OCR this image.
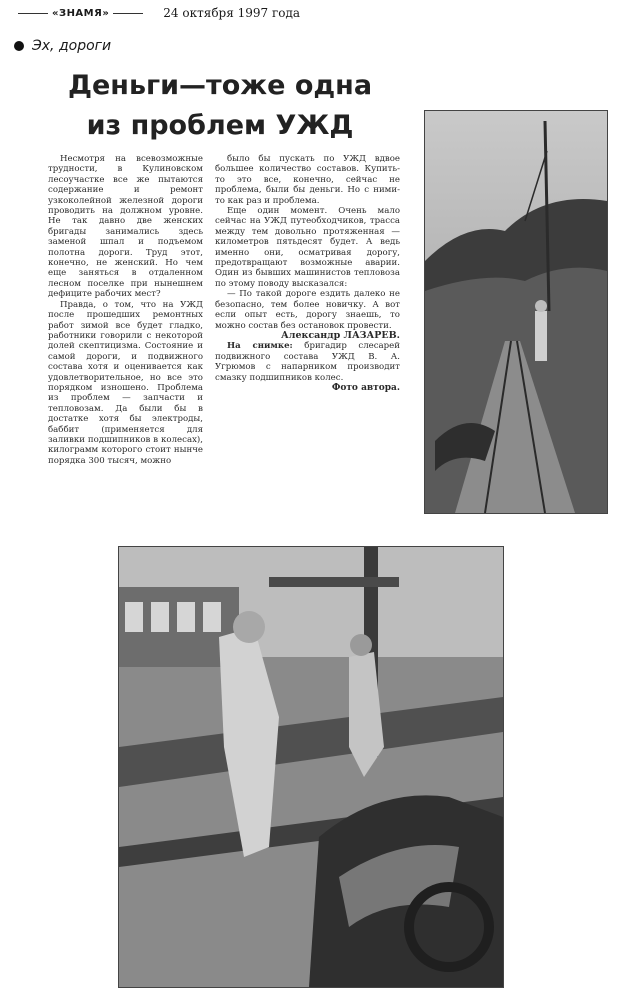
«ЗНАМЯ»	24 октября 1997 года
Эх, дороги
Деньги—тоже одна
из проблем УЖД

Несмотря на всевозможные трудности, в Кулиновском лесоучастке все же пытаются содержание и ремонт узкоколейной железной дороги проводить на должном уровне. Не так давно две женских бригады занимались здесь заменой шпал и подъемом полотна дороги. Труд этот, конечно, не женский. Но чем еще заняться в отдаленном лесном поселке при нынешнем дефиците рабочих мест?

Правда, о том, что на УЖД после прошедших ремонтных работ зимой все будет гладко, работники говорили с некоторой долей скептицизма. Состояние и самой дороги, и подвижного состава хотя и оценивается как удовлетворительное, но все это порядком изношено. Проблема из проблем — запчасти и тепловозам. Да были бы в достатке хотя бы электроды, баббит (применяется для заливки подшипников в колесах), килограмм которого стоит нынче порядка 300 тысяч, можно

было бы пускать по УЖД вдвое большее количество составов. Купить-то это все, конечно, сейчас не проблема, были бы деньги. Но с ними-то как раз и проблема.

Еще один момент. Очень мало сейчас на УЖД путеобходчиков, трасса между тем довольно протяженная — километров пятьдесят будет. А ведь именно они, осматривая дорогу, предотвращают возможные аварии. Один из бывших машинистов тепловоза по этому поводу высказался:

— По такой дороге ездить далеко не безопасно, тем более новичку. А вот если опыт есть, дорогу знаешь, то можно состав без остановок провести.

Александр ЛАЗАРЕВ.

На снимке: бригадир слесарей подвижного состава УЖД В. А. Угрюмов с напарником производит смазку подшипников колес.

Фото автора.
